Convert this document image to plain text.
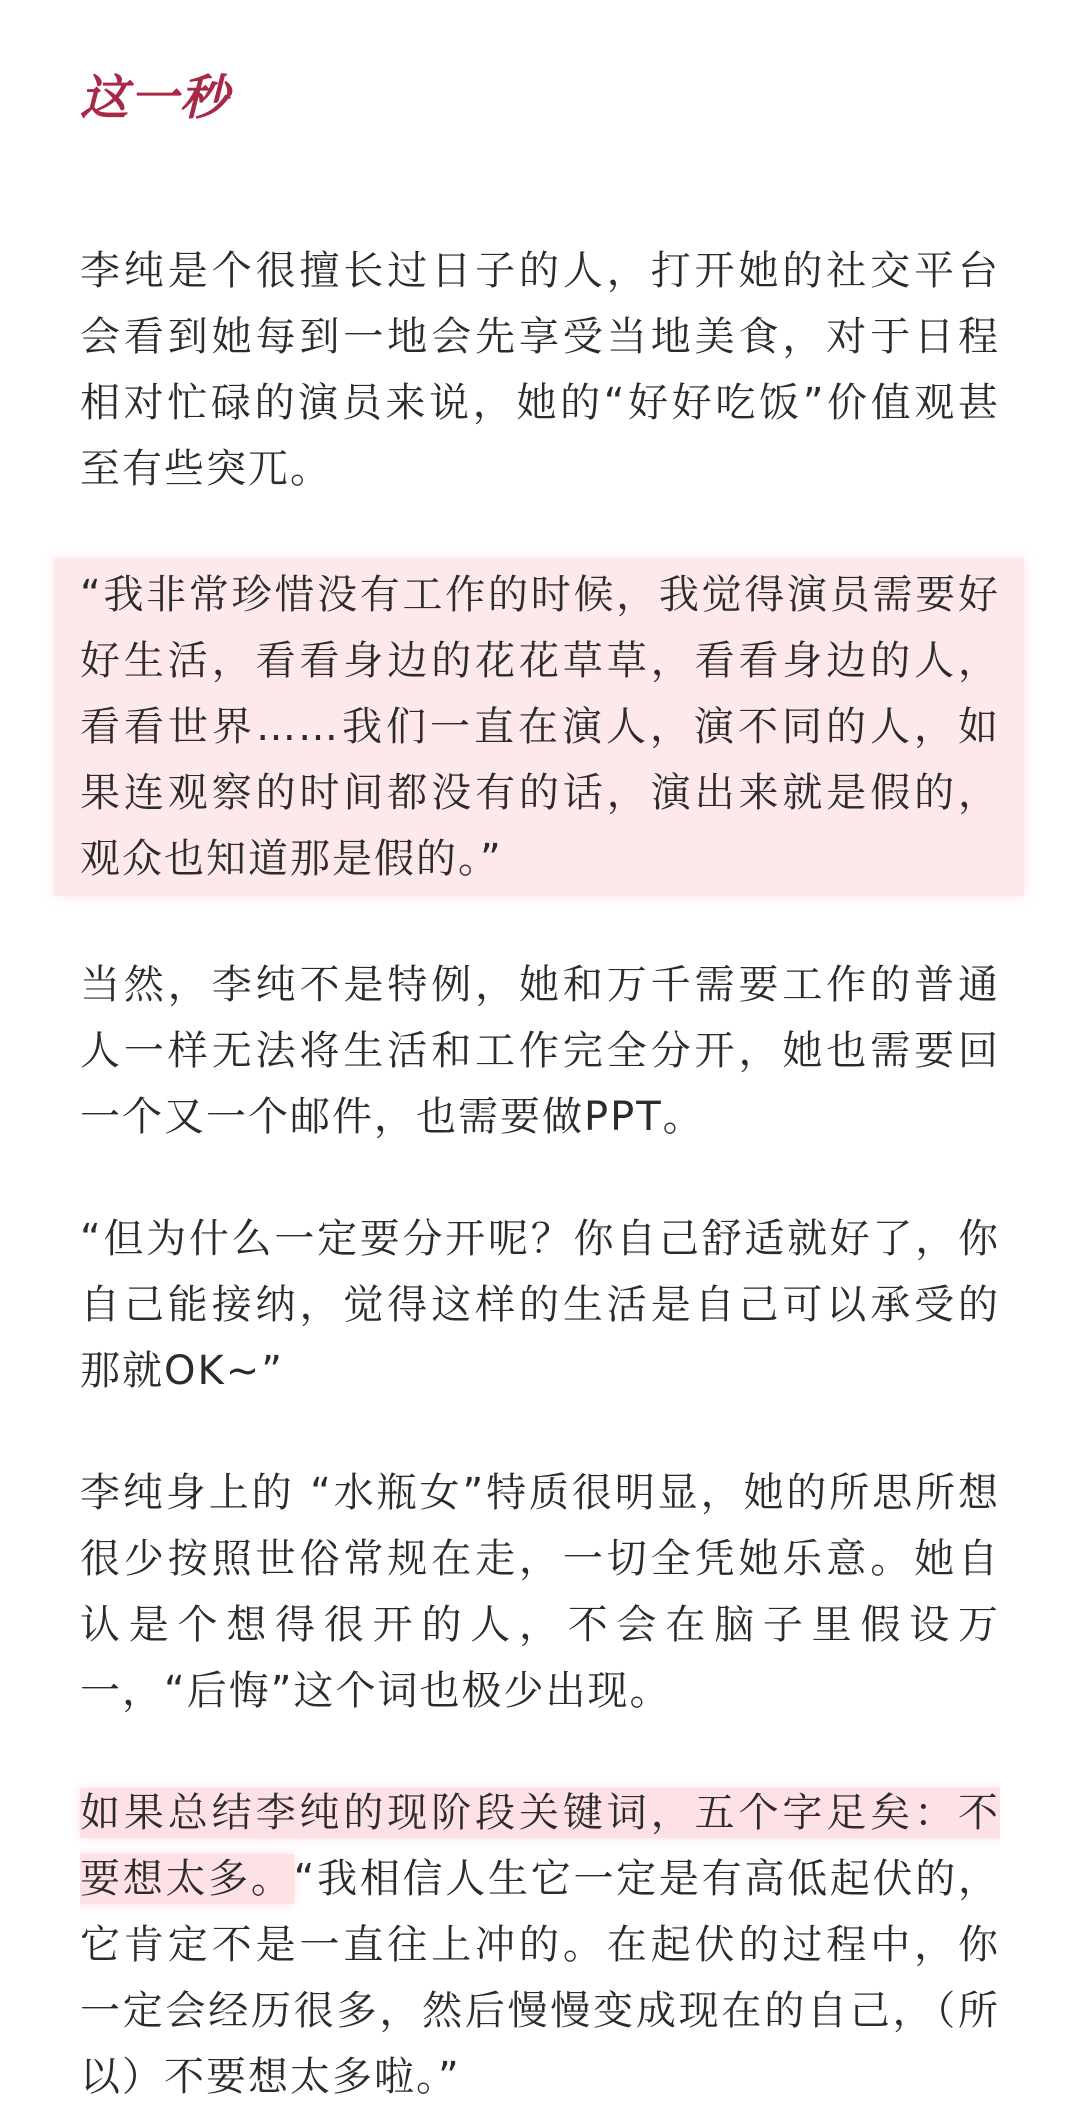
这一秒

李纯是个很擅长过日子的人，打开她的社交平台会看到她每到一地会先享受当地美食，对于日程相对忙碌的演员来说，她的“好好吃饭”价值观甚至有些突兀。

“我非常珍惜没有工作的时候，我觉得演员需要好好生活，看看身边的花花草草，看看身边的人，看看世界……我们一直在演人，演不同的人，如果连观察的时间都没有的话，演出来就是假的，观众也知道那是假的。”

当然，李纯不是特例，她和万千需要工作的普通人一样无法将生活和工作完全分开，她也需要回一个又一个邮件，也需要做PPT。

“但为什么一定要分开呢？你自己舒适就好了，你自己能接纳，觉得这样的生活是自己可以承受的那就OK~”

李纯身上的 “水瓶女”特质很明显，她的所思所想很少按照世俗常规在走，一切全凭她乐意。她自认是个想得很开的人，不会在脑子里假设万一，“后悔”这个词也极少出现。

如果总结李纯的现阶段关键词，五个字足矣：不要想太多。“我相信人生它一定是有高低起伏的，它肯定不是一直往上冲的。在起伏的过程中，你一定会经历很多，然后慢慢变成现在的自己，（所以）不要想太多啦。”
